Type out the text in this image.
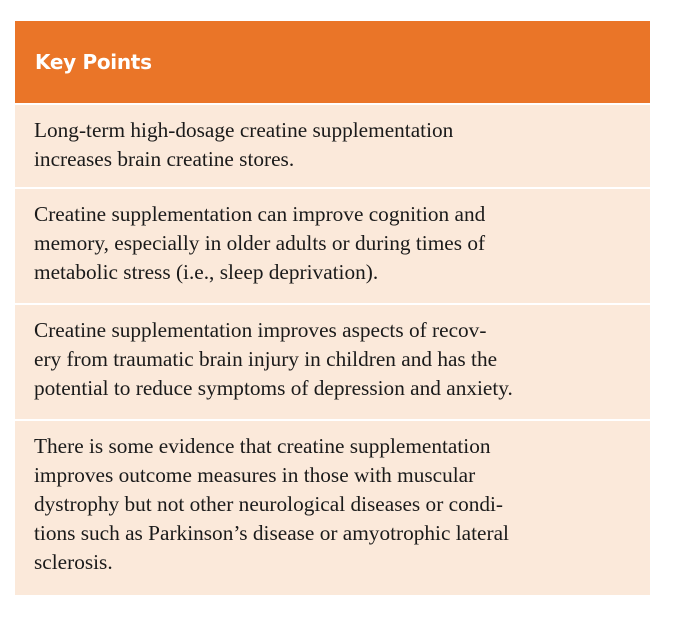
Key Points

Long-term high-dosage creatine supplementation
increases brain creatine stores.

Creatine supplementation can improve cognition and
memory, especially in older adults or during times of
metabolic stress (i.e., sleep deprivation).

Creatine supplementation improves aspects of recov-
ery from traumatic brain injury in children and has the
potential to reduce symptoms of depression and anxiety.

There is some evidence that creatine supplementation
improves outcome measures in those with muscular
dystrophy but not other neurological diseases or condi-
tions such as Parkinson’s disease or amyotrophic lateral
sclerosis.
